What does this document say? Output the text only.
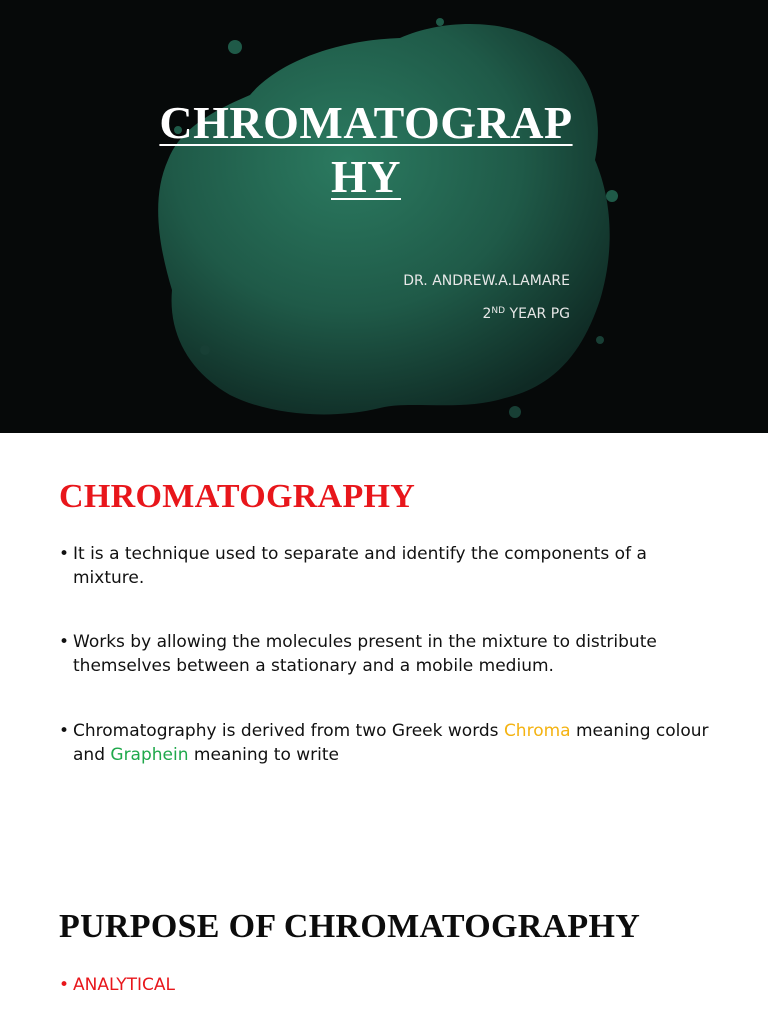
CHROMATOGRAP
HY
DR. ANDREW.A.LAMARE
2ND YEAR PG
CHROMATOGRAPHY
• It is a technique used to separate and identify the components of a mixture.
• Works by allowing the molecules present in the mixture to distribute themselves between a stationary and a mobile medium.
• Chromatography is derived from two Greek words Chroma meaning colour and Graphein meaning to write
PURPOSE OF CHROMATOGRAPHY
• ANALYTICAL
